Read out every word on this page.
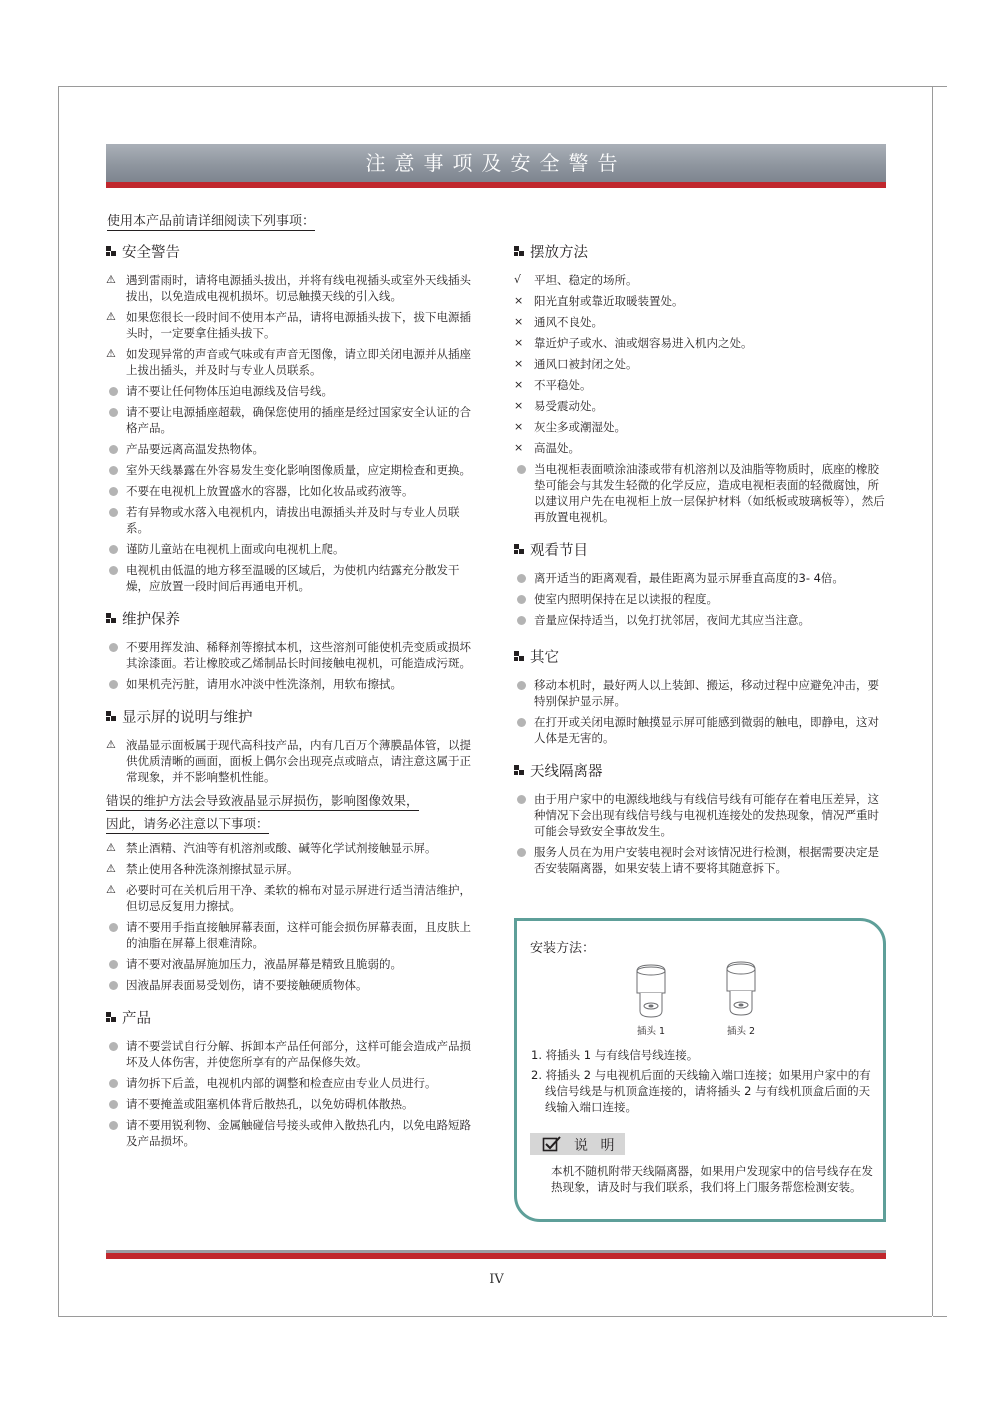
注意事项及安全警告
使用本产品前请详细阅读下列事项：
安全警告
⚠ 遇到雷雨时，请将电源插头拔出，并将有线电视插头或室外天线插头拔出，以免造成电视机损坏。切忌触摸天线的引入线。
⚠ 如果您很长一段时间不使用本产品，请将电源插头拔下，拔下电源插头时，一定要拿住插头拔下。
⚠ 如发现异常的声音或气味或有声音无图像，请立即关闭电源并从插座上拔出插头，并及时与专业人员联系。
请不要让任何物体压迫电源线及信号线。
请不要让电源插座超载，确保您使用的插座是经过国家安全认证的合格产品。
产品要远离高温发热物体。
室外天线暴露在外容易发生变化影响图像质量，应定期检查和更换。
不要在电视机上放置盛水的容器，比如化妆品或药液等。
若有异物或水落入电视机内，请拔出电源插头并及时与专业人员联系。
谨防儿童站在电视机上面或向电视机上爬。
电视机由低温的地方移至温暖的区域后，为使机内结露充分散发干燥，应放置一段时间后再通电开机。
维护保养
不要用挥发油、稀释剂等擦拭本机，这些溶剂可能使机壳变质或损坏其涂漆面。若让橡胶或乙烯制品长时间接触电视机，可能造成污斑。
如果机壳污脏，请用水冲淡中性洗涤剂，用软布擦拭。
显示屏的说明与维护
⚠ 液晶显示面板属于现代高科技产品，内有几百万个薄膜晶体管，以提供优质清晰的画面，面板上偶尔会出现亮点或暗点，请注意这属于正常现象，并不影响整机性能。
错误的维护方法会导致液晶显示屏损伤，影响图像效果，
因此，请务必注意以下事项：
⚠ 禁止酒精、汽油等有机溶剂或酸、碱等化学试剂接触显示屏。
⚠ 禁止使用各种洗涤剂擦拭显示屏。
⚠ 必要时可在关机后用干净、柔软的棉布对显示屏进行适当清洁维护，但切忌反复用力擦拭。
请不要用手指直接触屏幕表面，这样可能会损伤屏幕表面，且皮肤上的油脂在屏幕上很难清除。
请不要对液晶屏施加压力，液晶屏幕是精致且脆弱的。
因液晶屏表面易受划伤，请不要接触硬质物体。
产品
请不要尝试自行分解、拆卸本产品任何部分，这样可能会造成产品损坏及人体伤害，并使您所享有的产品保修失效。
请勿拆下后盖，电视机内部的调整和检查应由专业人员进行。
请不要掩盖或阻塞机体背后散热孔，以免妨碍机体散热。
请不要用锐利物、金属触碰信号接头或伸入散热孔内，以免电路短路及产品损坏。
摆放方法
√	平坦、稳定的场所。
× 阳光直射或靠近取暖装置处。
× 通风不良处。
× 靠近炉子或水、油或烟容易进入机内之处。
× 通风口被封闭之处。
× 不平稳处。
× 易受震动处。
× 灰尘多或潮湿处。
× 高温处。
当电视柜表面喷涂油漆或带有机溶剂以及油脂等物质时，底座的橡胶垫可能会与其发生轻微的化学反应，造成电视柜表面的轻微腐蚀，所以建议用户先在电视柜上放一层保护材料（如纸板或玻璃板等），然后再放置电视机。
观看节目
离开适当的距离观看，最佳距离为显示屏垂直高度的3- 4倍。
使室内照明保持在足以读报的程度。
音量应保持适当，以免打扰邻居，夜间尤其应当注意。
其它
移动本机时，最好两人以上装卸、搬运，移动过程中应避免冲击，要特别保护显示屏。
在打开或关闭电源时触摸显示屏可能感到微弱的触电，即静电，这对人体是无害的。
天线隔离器
由于用户家中的电源线地线与有线信号线有可能存在着电压差异，这种情况下会出现有线信号线与电视机连接处的发热现象，情况严重时可能会导致安全事故发生。
服务人员在为用户安装电视时会对该情况进行检测，根据需要决定是否安装隔离器，如果安装上请不要将其随意拆下。
安装方法：
插头 1	插头 2
1. 将插头 1 与有线信号线连接。
2. 将插头 2 与电视机后面的天线输入端口连接；如果用户家中的有线信号线是与机顶盒连接的，请将插头 2 与有线机顶盒后面的天线输入端口连接。
说 明
本机不随机附带天线隔离器，如果用户发现家中的信号线存在发热现象，请及时与我们联系，我们将上门服务帮您检测安装。
IV
